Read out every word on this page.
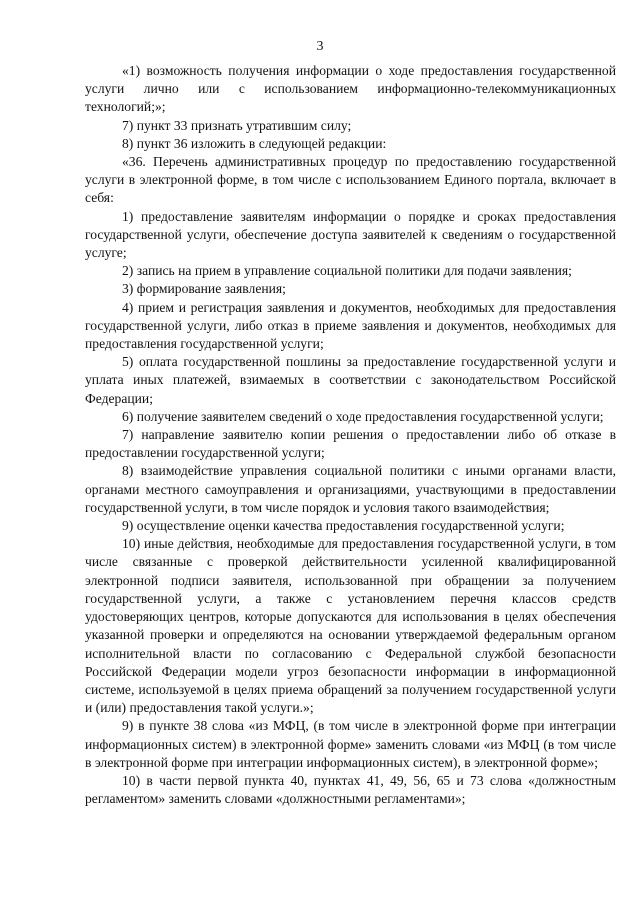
3

«1) возможность получения информации о ходе предоставления государственной услуги лично или с использованием информационно-телекоммуникационных технологий;»;

7) пункт 33 признать утратившим силу;

8) пункт 36 изложить в следующей редакции:

«36. Перечень административных процедур по предоставлению государственной услуги в электронной форме, в том числе с использованием Единого портала, включает в себя:

1) предоставление заявителям информации о порядке и сроках предоставления государственной услуги, обеспечение доступа заявителей к сведениям о государственной услуге;

2) запись на прием в управление социальной политики для подачи заявления;

3) формирование заявления;

4) прием и регистрация заявления и документов, необходимых для предоставления государственной услуги, либо отказ в приеме заявления и документов, необходимых для предоставления государственной услуги;

5) оплата государственной пошлины за предоставление государственной услуги и уплата иных платежей, взимаемых в соответствии с законодательством Российской Федерации;

6) получение заявителем сведений о ходе предоставления государственной услуги;

7) направление заявителю копии решения о предоставлении либо об отказе в предоставлении государственной услуги;

8) взаимодействие управления социальной политики с иными органами власти, органами местного самоуправления и организациями, участвующими в предоставлении государственной услуги, в том числе порядок и условия такого взаимодействия;

9) осуществление оценки качества предоставления государственной услуги;

10) иные действия, необходимые для предоставления государственной услуги, в том числе связанные с проверкой действительности усиленной квалифицированной электронной подписи заявителя, использованной при обращении за получением государственной услуги, а также с установлением перечня классов средств удостоверяющих центров, которые допускаются для использования в целях обеспечения указанной проверки и определяются на основании утверждаемой федеральным органом исполнительной власти по согласованию с Федеральной службой безопасности Российской Федерации модели угроз безопасности информации в информационной системе, используемой в целях приема обращений за получением государственной услуги и (или) предоставления такой услуги.»;

9) в пункте 38 слова «из МФЦ, (в том числе в электронной форме при интеграции информационных систем) в электронной форме» заменить словами «из МФЦ (в том числе в электронной форме при интеграции информационных систем), в электронной форме»;

10) в части первой пункта 40, пунктах 41, 49, 56, 65 и 73 слова «должностным регламентом» заменить словами «должностными регламентами»;
